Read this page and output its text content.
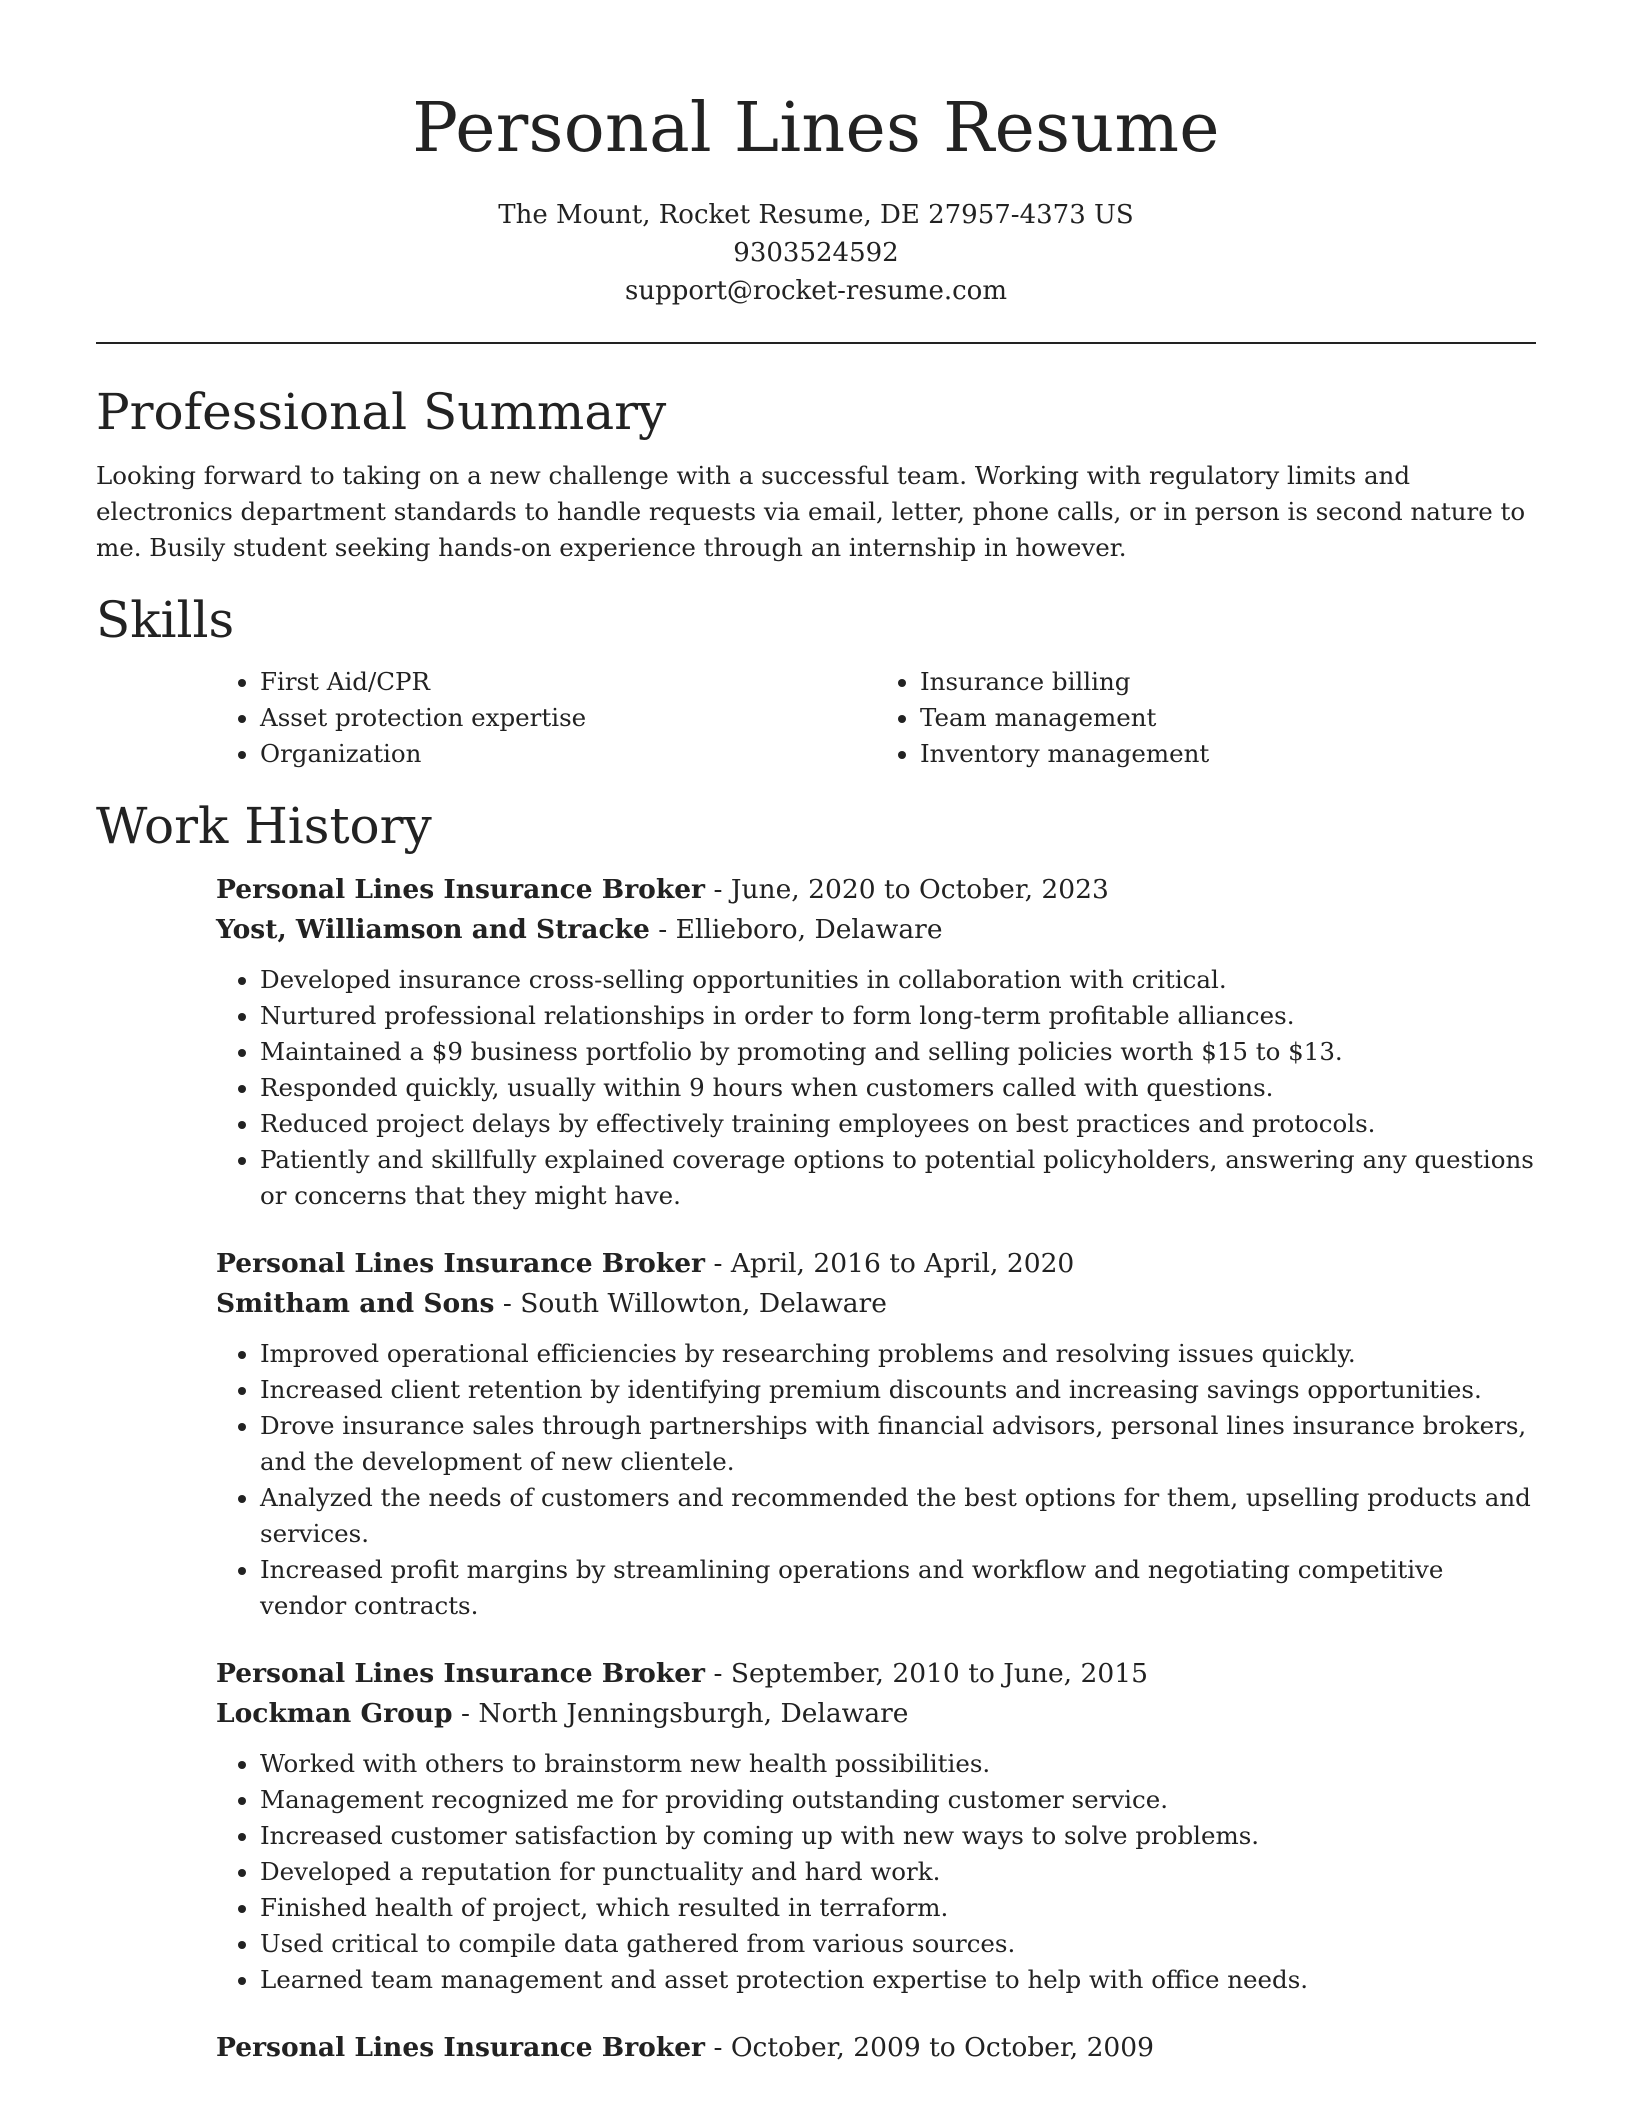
Personal Lines Resume

The Mount, Rocket Resume, DE 27957-4373 US

9303524592

support@rocket-resume.com

Professional Summary

Looking forward to taking on a new challenge with a successful team. Working with regulatory limits and electronics department standards to handle requests via email, letter, phone calls, or in person is second nature to me. Busily student seeking hands-on experience through an internship in however.

Skills
• First Aid/CPR
• Asset protection expertise
• Organization
• Insurance billing
• Team management
• Inventory management
Work History

Personal Lines Insurance Broker - June, 2020 to October, 2023

Yost, Williamson and Stracke - Ellieboro, Delaware

• Developed insurance cross-selling opportunities in collaboration with critical.
• Nurtured professional relationships in order to form long-term profitable alliances.
• Maintained a $9 business portfolio by promoting and selling policies worth $15 to $13.
• Responded quickly, usually within 9 hours when customers called with questions.
• Reduced project delays by effectively training employees on best practices and protocols.
• Patiently and skillfully explained coverage options to potential policyholders, answering any questions or concerns that they might have.

Personal Lines Insurance Broker - April, 2016 to April, 2020

Smitham and Sons - South Willowton, Delaware

• Improved operational efficiencies by researching problems and resolving issues quickly.
• Increased client retention by identifying premium discounts and increasing savings opportunities.
• Drove insurance sales through partnerships with financial advisors, personal lines insurance brokers, and the development of new clientele.
• Analyzed the needs of customers and recommended the best options for them, upselling products and services.
• Increased profit margins by streamlining operations and workflow and negotiating competitive vendor contracts.

Personal Lines Insurance Broker - September, 2010 to June, 2015

Lockman Group - North Jenningsburgh, Delaware

• Worked with others to brainstorm new health possibilities.
• Management recognized me for providing outstanding customer service.
• Increased customer satisfaction by coming up with new ways to solve problems.
• Developed a reputation for punctuality and hard work.
• Finished health of project, which resulted in terraform.
• Used critical to compile data gathered from various sources.
• Learned team management and asset protection expertise to help with office needs.

Personal Lines Insurance Broker - October, 2009 to October, 2009
